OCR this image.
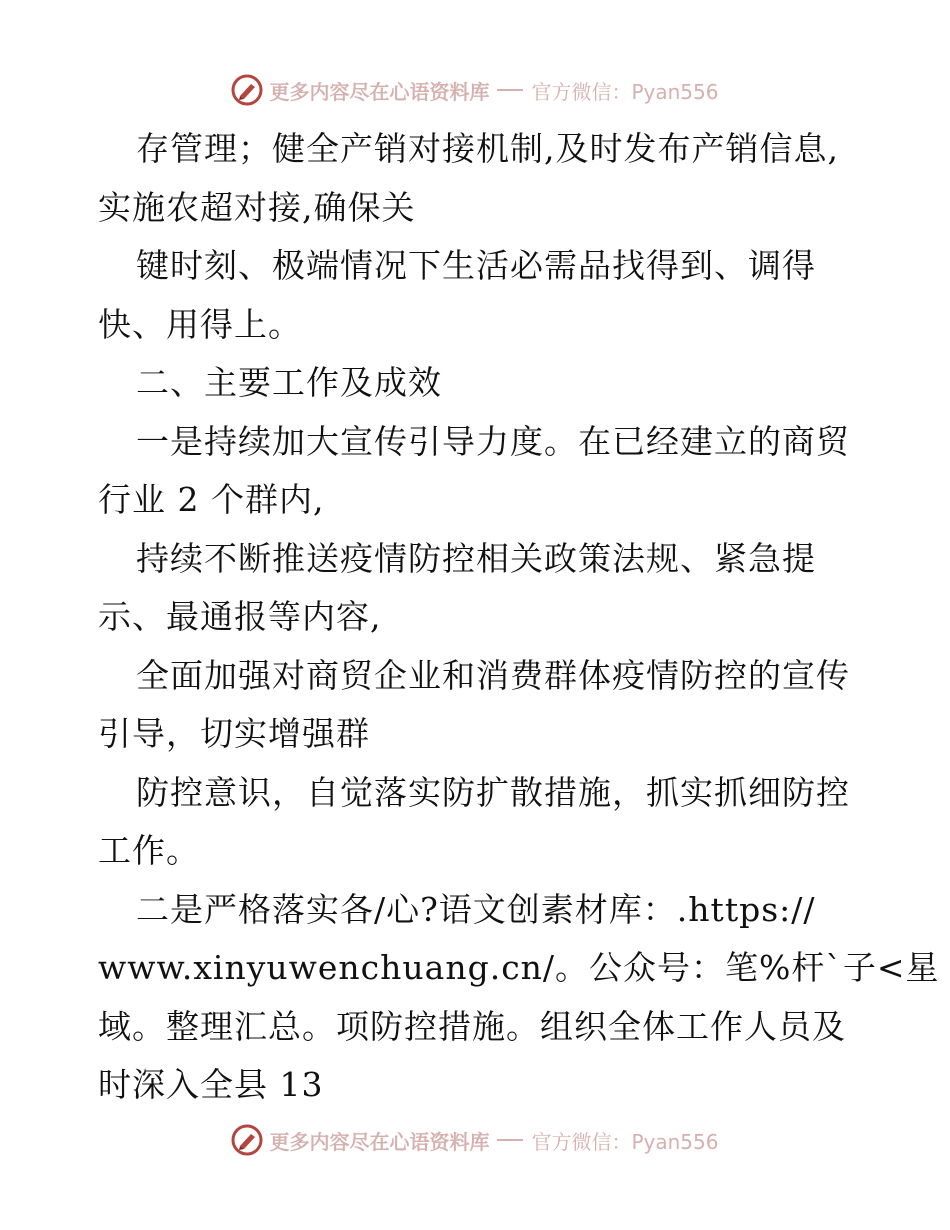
更多内容尽在心语资料库 官方微信：Pyan556
存管理；健全产销对接机制,及时发布产销信息,
实施农超对接,确保关
键时刻、极端情况下生活必需品找得到、调得
快、用得上。
二、主要工作及成效
一是持续加大宣传引导力度。在已经建立的商贸
行业 2 个群内,
持续不断推送疫情防控相关政策法规、紧急提
示、最通报等内容,
全面加强对商贸企业和消费群体疫情防控的宣传
引导，切实增强群
防控意识，自觉落实防扩散措施，抓实抓细防控
工作。
二是严格落实各/心?语文创素材库：.https://
www.xinyuwenchuang.cn/。公众号：笔%杆`子<星
域。整理汇总。项防控措施。组织全体工作人员及
时深入全县 13
更多内容尽在心语资料库 官方微信：Pyan556
